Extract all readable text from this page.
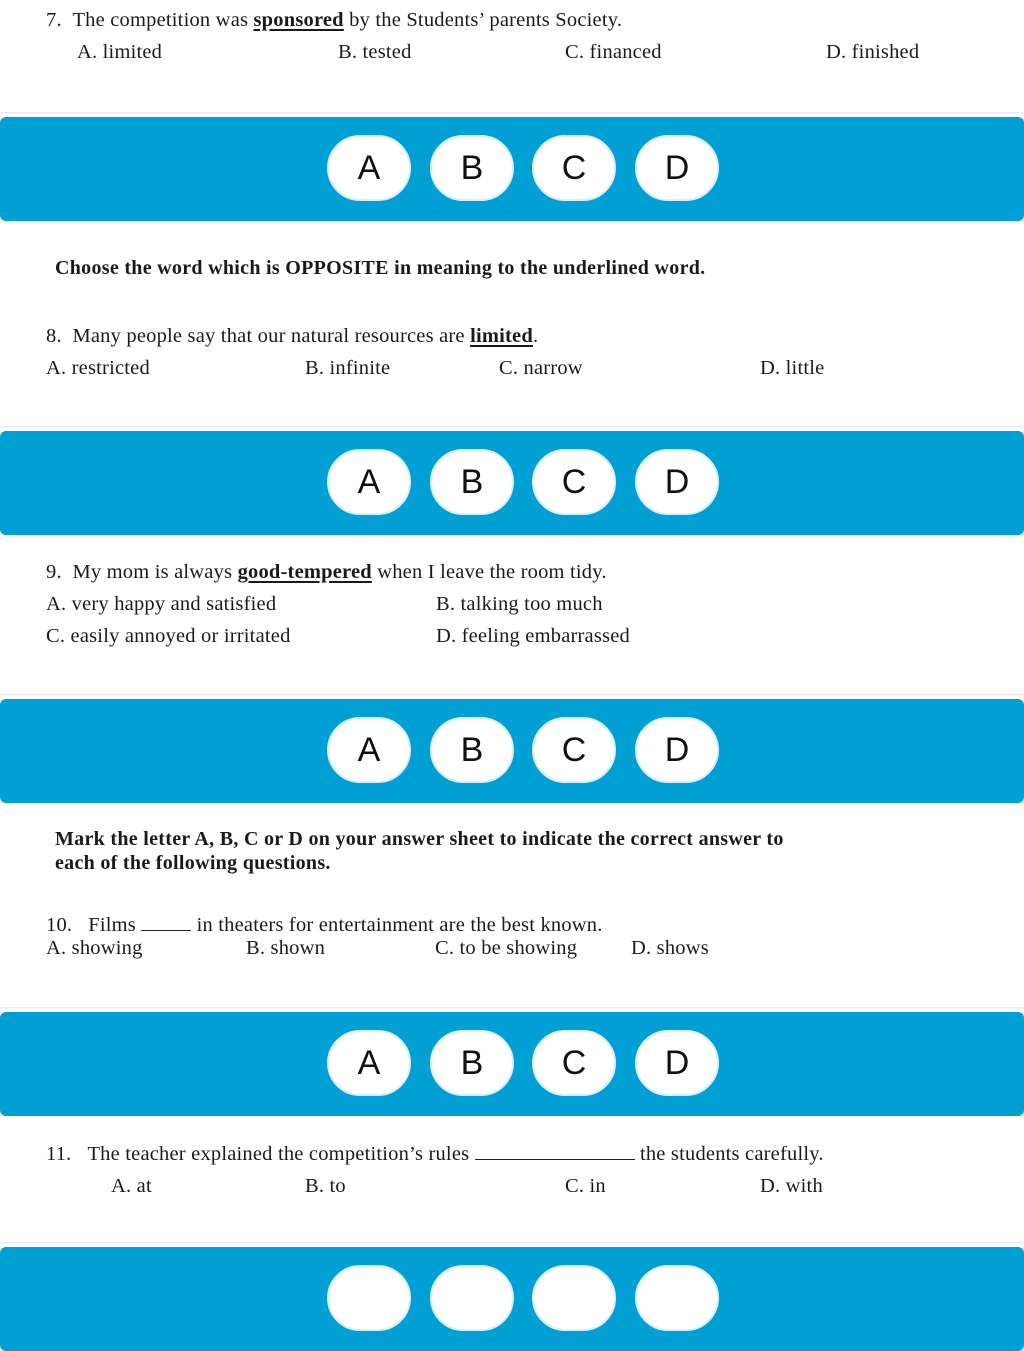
7. The competition was sponsored by the Students’ parents Society.
A. limited	B. tested	C. financed	D. finished
A	B	C	D
Choose the word which is OPPOSITE in meaning to the underlined word.
8. Many people say that our natural resources are limited.
A. restricted	B. infinite	C. narrow	D. little
A	B	C	D
9. My mom is always good-tempered when I leave the room tidy.
A. very happy and satisfied	B. talking too much
C. easily annoyed or irritated	D. feeling embarrassed
A	B	C	D
Mark the letter A, B, C or D on your answer sheet to indicate the correct answer to
each of the following questions.
10. Films	in theaters for entertainment are the best known.
A. showing	B. shown	C. to be showing	D. shows
A	B	C	D
11. The teacher explained the competition’s rules	the students carefully.
A. at	B. to	C. in	D. with
